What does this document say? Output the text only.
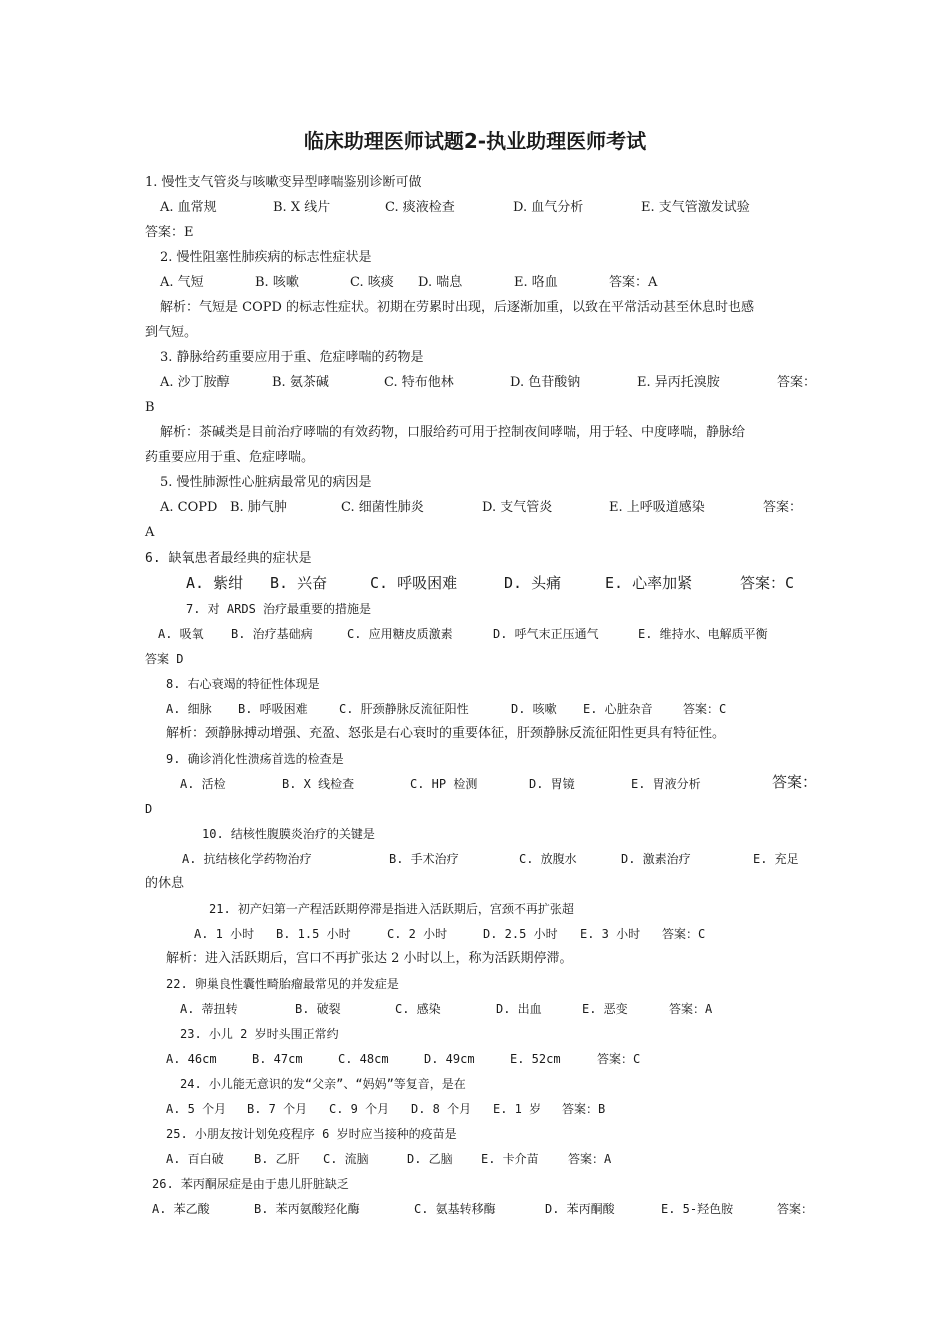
临床助理医师试题2-执业助理医师考试
1. 慢性支气管炎与咳嗽变异型哮喘鉴别诊断可做
A. 血常规	B. X 线片	C. 痰液检查	D. 血气分析	E. 支气管激发试验
答案：E
2. 慢性阻塞性肺疾病的标志性症状是
A. 气短	B. 咳嗽	C. 咳痰 D. 喘息	E. 咯血	答案：A
解析：气短是 COPD 的标志性症状。初期在劳累时出现，后逐渐加重，以致在平常活动甚至休息时也感
到气短。
3. 静脉给药重要应用于重、危症哮喘的药物是
A. 沙丁胺醇	B. 氨茶碱	C. 特布他林	D. 色苷酸钠	E. 异丙托溴胺	答案：
B
解析：茶碱类是目前治疗哮喘的有效药物，口服给药可用于控制夜间哮喘，用于轻、中度哮喘，静脉给
药重要应用于重、危症哮喘。
5. 慢性肺源性心脏病最常见的病因是
A. COPD B. 肺气肿	C. 细菌性肺炎	D. 支气管炎	E. 上呼吸道感染	答案：
A
6. 缺氧患者最经典的症状是
A. 紫绀 B. 兴奋	C. 呼吸困难	D. 头痛	E. 心率加紧	答案：C
7. 对 ARDS 治疗最重要的措施是
A. 吸氧 B. 治疗基础病	C. 应用糖皮质激素	D. 呼气末正压通气	E. 维持水、电解质平衡
答案 D
8. 右心衰竭的特征性体现是
A. 细脉 B. 呼吸困难	C. 肝颈静脉反流征阳性	D. 咳嗽 E. 心脏杂音	答案：C
解析：颈静脉搏动增强、充盈、怒张是右心衰时的重要体征，肝颈静脉反流征阳性更具有特征性。
9. 确诊消化性溃疡首选的检查是
A. 活检	B. X 线检查	C. HP 检测	D. 胃镜	E. 胃液分析	答案：
D
10. 结核性腹膜炎治疗的关键是
A. 抗结核化学药物治疗	B. 手术治疗	C. 放腹水	D. 激素治疗	E. 充足
的休息
21. 初产妇第一产程活跃期停滞是指进入活跃期后，宫颈不再扩张超
A. 1 小时 B. 1.5 小时	C. 2 小时	D. 2.5 小时 E. 3 小时 答案：C
解析：进入活跃期后，宫口不再扩张达 2 小时以上，称为活跃期停滞。
22. 卵巢良性囊性畸胎瘤最常见的并发症是
A. 蒂扭转	B. 破裂	C. 感染	D. 出血	E. 恶变	答案：A
23. 小儿 2 岁时头围正常约
A. 46cm	B. 47cm	C. 48cm	D. 49cm	E. 52cm	答案：C
24. 小儿能无意识的发“父亲”、“妈妈”等复音，是在
A. 5 个月 B. 7 个月 C. 9 个月 D. 8 个月 E. 1 岁 答案：B
25. 小朋友按计划免疫程序 6 岁时应当接种的疫苗是
A. 百白破	B. 乙肝 C. 流脑	D. 乙脑 E. 卡介苗 答案：A
26. 苯丙酮尿症是由于患儿肝脏缺乏
A. 苯乙酸	B. 苯丙氨酸羟化酶	C. 氨基转移酶	D. 苯丙酮酸	E. 5-羟色胺	答案：
